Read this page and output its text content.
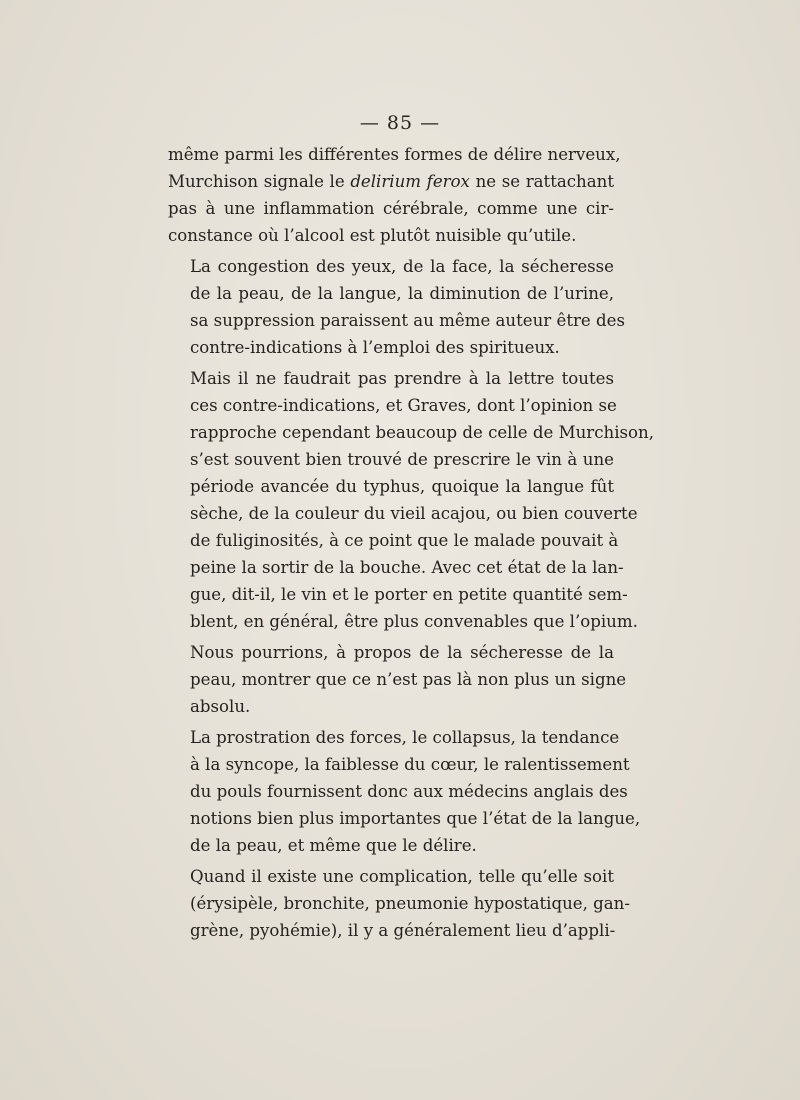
— 85 —

même parmi les différentes formes de délire nerveux,
Murchison signale le delirium ferox ne se rattachant
pas à une inflammation cérébrale, comme une cir-
constance où l’alcool est plutôt nuisible qu’utile.

La congestion des yeux, de la face, la sécheresse
de la peau, de la langue, la diminution de l’urine,
sa suppression paraissent au même auteur être des
contre-indications à l’emploi des spiritueux.

Mais il ne faudrait pas prendre à la lettre toutes
ces contre-indications, et Graves, dont l’opinion se
rapproche cependant beaucoup de celle de Murchison,
s’est souvent bien trouvé de prescrire le vin à une
période avancée du typhus, quoique la langue fût
sèche, de la couleur du vieil acajou, ou bien couverte
de fuliginosités, à ce point que le malade pouvait à
peine la sortir de la bouche. Avec cet état de la lan-
gue, dit-il, le vin et le porter en petite quantité sem-
blent, en général, être plus convenables que l’opium.

Nous pourrions, à propos de la sécheresse de la
peau, montrer que ce n’est pas là non plus un signe
absolu.

La prostration des forces, le collapsus, la tendance
à la syncope, la faiblesse du cœur, le ralentissement
du pouls fournissent donc aux médecins anglais des
notions bien plus importantes que l’état de la langue,
de la peau, et même que le délire.

Quand il existe une complication, telle qu’elle soit
(érysipèle, bronchite, pneumonie hypostatique, gan-
grène, pyohémie), il y a généralement lieu d’appli-
